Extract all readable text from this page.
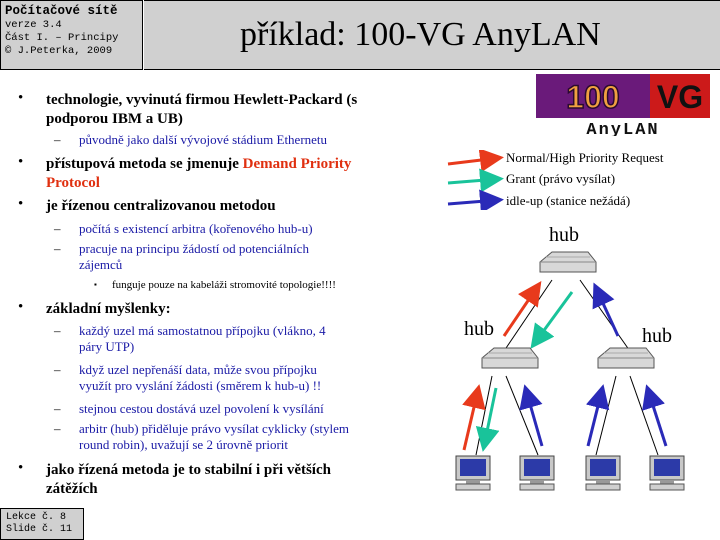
Počítačové sítě
verze 3.4
Část I. – Principy
© J.Peterka, 2009	příklad: 100-VG AnyLAN
• technologie, vyvinutá firmou Hewlett-Packard (s
podporou IBM a UB)
– původně jako další vývojové stádium Ethernetu
• přístupová metoda se jmenuje Demand Priority
Protocol
• je řízenou centralizovanou metodou
– počítá s existencí arbitra (kořenového hub-u)
– pracuje na principu žádostí od potenciálních
zájemců
▪ funguje pouze na kabeláži stromovité topologie!!!!
• základní myšlenky:
– každý uzel má samostatnou přípojku (vlákno, 4
páry UTP)
– když uzel nepřenáší data, může svou přípojku
využít pro vyslání žádosti (směrem k hub-u) !!
– stejnou cestou dostává uzel povolení k vysílání
– arbitr (hub) přiděluje právo vysílat cyklicky (stylem
round robin), uvažují se 2 úrovně priorit
• jako řízená metoda je to stabilní i při větších
zátěžích
100 VG
AnyLAN
Normal/High Priority Request
Grant (právo vysílat)
idle-up (stanice nežádá)
hub
hub	hub
Lekce č. 8
Slide č. 11
